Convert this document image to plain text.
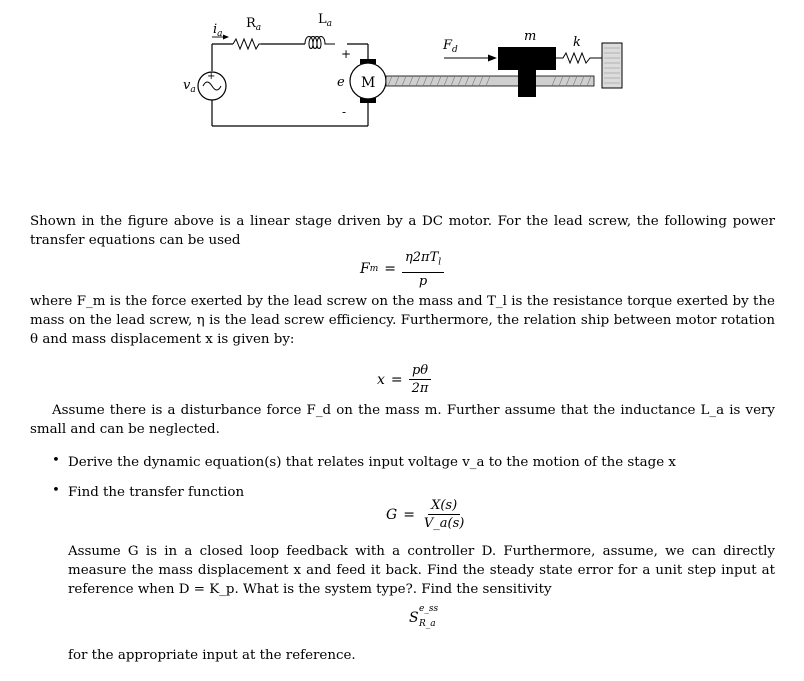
$i_a$
$R_a$
$L_a$
+
+
$v_a$	e M
-
$F_d$
m	k
Shown in the figure above is a linear stage driven by a DC motor. For the lead screw, the following power transfer equations can be used
F $m = \frac{\eta 2\pi T_l}{p}$
where F_m is the force exerted by the lead screw on the mass and T_l is the resistance torque exerted by the mass on the lead screw, η is the lead screw efficiency. Furthermore, the relation ship between motor rotation θ and mass displacement x is given by:
$x = \frac{p\theta}{2\pi}$
Assume there is a disturbance force F_d on the mass m. Further assume that the inductance L_a is very small and can be neglected.
• Derive the dynamic equation(s) that relates input voltage v_a to the motion of the stage x
• Find the transfer function
$G = \frac{X(s)}{V\_a(s)}$
Assume G is in a closed loop feedback with a controller D. Furthermore, assume, we can directly measure the mass displacement x and feed it back. Find the steady state error for a unit step input at reference when D = K_p. What is the system type?. Find the sensitivity
S
e_ss
R_a
for the appropriate input at the reference.
